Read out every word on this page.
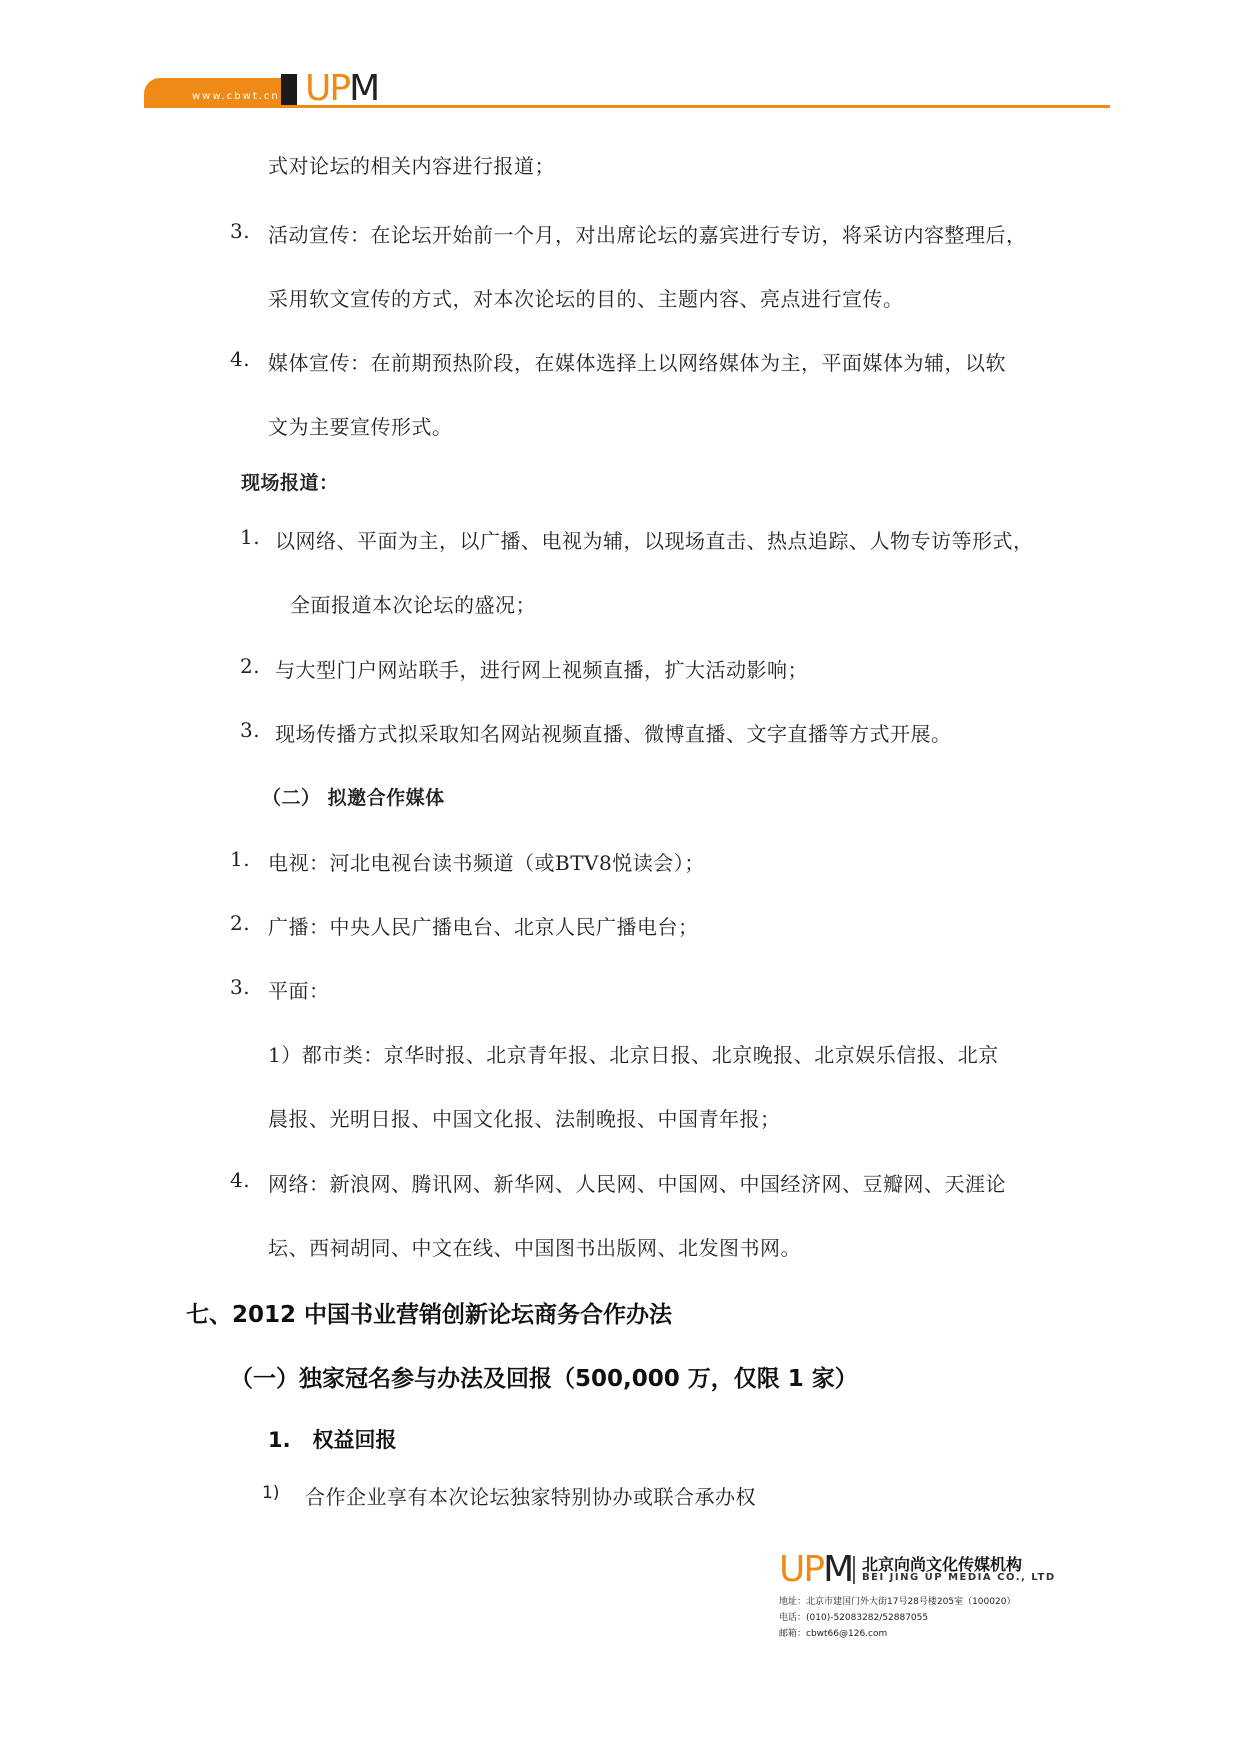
www.cbwt.cn UPM
式对论坛的相关内容进行报道；
3. 活动宣传：在论坛开始前一个月，对出席论坛的嘉宾进行专访，将采访内容整理后，
采用软文宣传的方式，对本次论坛的目的、主题内容、亮点进行宣传。
4. 媒体宣传：在前期预热阶段，在媒体选择上以网络媒体为主，平面媒体为辅，以软
文为主要宣传形式。
现场报道：
1. 以网络、平面为主，以广播、电视为辅，以现场直击、热点追踪、人物专访等形式，
全面报道本次论坛的盛况；
2. 与大型门户网站联手，进行网上视频直播，扩大活动影响；
3. 现场传播方式拟采取知名网站视频直播、微博直播、文字直播等方式开展。
（二） 拟邀合作媒体
1. 电视：河北电视台读书频道（或BTV8悦读会）；
2. 广播：中央人民广播电台、北京人民广播电台；
3. 平面：
1）都市类：京华时报、北京青年报、北京日报、北京晚报、北京娱乐信报、北京
晨报、光明日报、中国文化报、法制晚报、中国青年报；
4. 网络：新浪网、腾讯网、新华网、人民网、中国网、中国经济网、豆瓣网、天涯论
坛、西祠胡同、中文在线、中国图书出版网、北发图书网。
七、2012 中国书业营销创新论坛商务合作办法
（一）独家冠名参与办法及回报（500,000 万，仅限 1 家）
1.   权益回报
1) 合作企业享有本次论坛独家特别协办或联合承办权
UPM 北京向尚文化传媒机构
BEI JING UP MEDIA CO., LTD
地址：北京市建国门外大街17号28号楼205室（100020）
电话：(010)-52083282/52887055
邮箱：cbwt66@126.com
